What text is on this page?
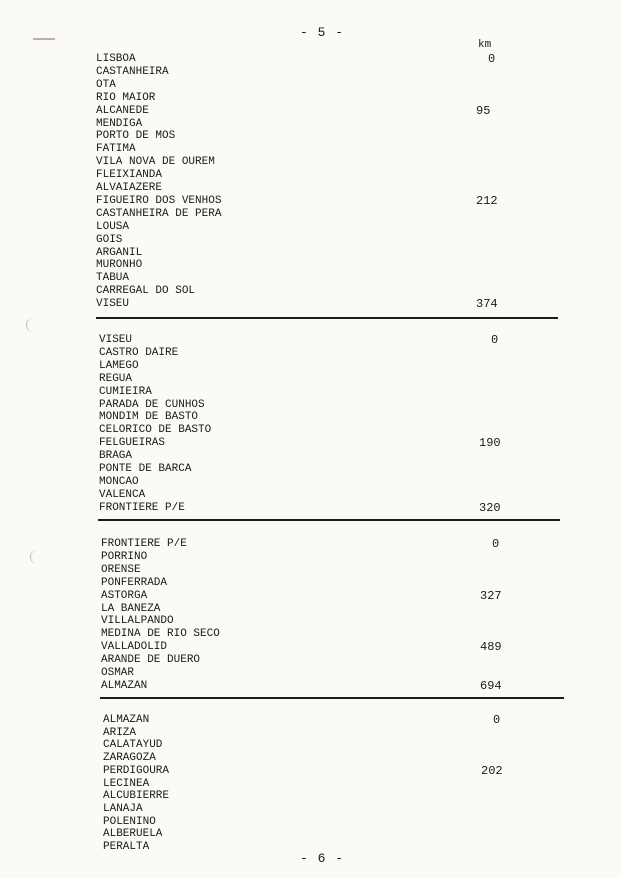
- 5 -
km
LISBOA	0
CASTANHEIRA
OTA
RIO MAIOR
ALCANEDE	95
MENDIGA
PORTO DE MOS
FATIMA
VILA NOVA DE OUREM
FLEIXIANDA
ALVAIAZERE
FIGUEIRO DOS VENHOS	212
CASTANHEIRA DE PERA
LOUSA
GOIS
ARGANIL
MURONHO
TABUA
CARREGAL DO SOL
VISEU	374
VISEU	0
CASTRO DAIRE
LAMEGO
REGUA
CUMIEIRA
PARADA DE CUNHOS
MONDIM DE BASTO
CELORICO DE BASTO
FELGUEIRAS	190
BRAGA
PONTE DE BARCA
MONCAO
VALENCA
FRONTIERE P/E	320
FRONTIERE P/E	0
PORRINO
ORENSE
PONFERRADA
ASTORGA	327
LA BANEZA
VILLALPANDO
MEDINA DE RIO SECO
VALLADOLID	489
ARANDE DE DUERO
OSMAR
ALMAZAN	694
ALMAZAN	0
ARIZA
CALATAYUD
ZARAGOZA
PERDIGOURA	202
LECINEA
ALCUBIERRE
LANAJA
POLENINO
ALBERUELA
PERALTA
- 6 -
